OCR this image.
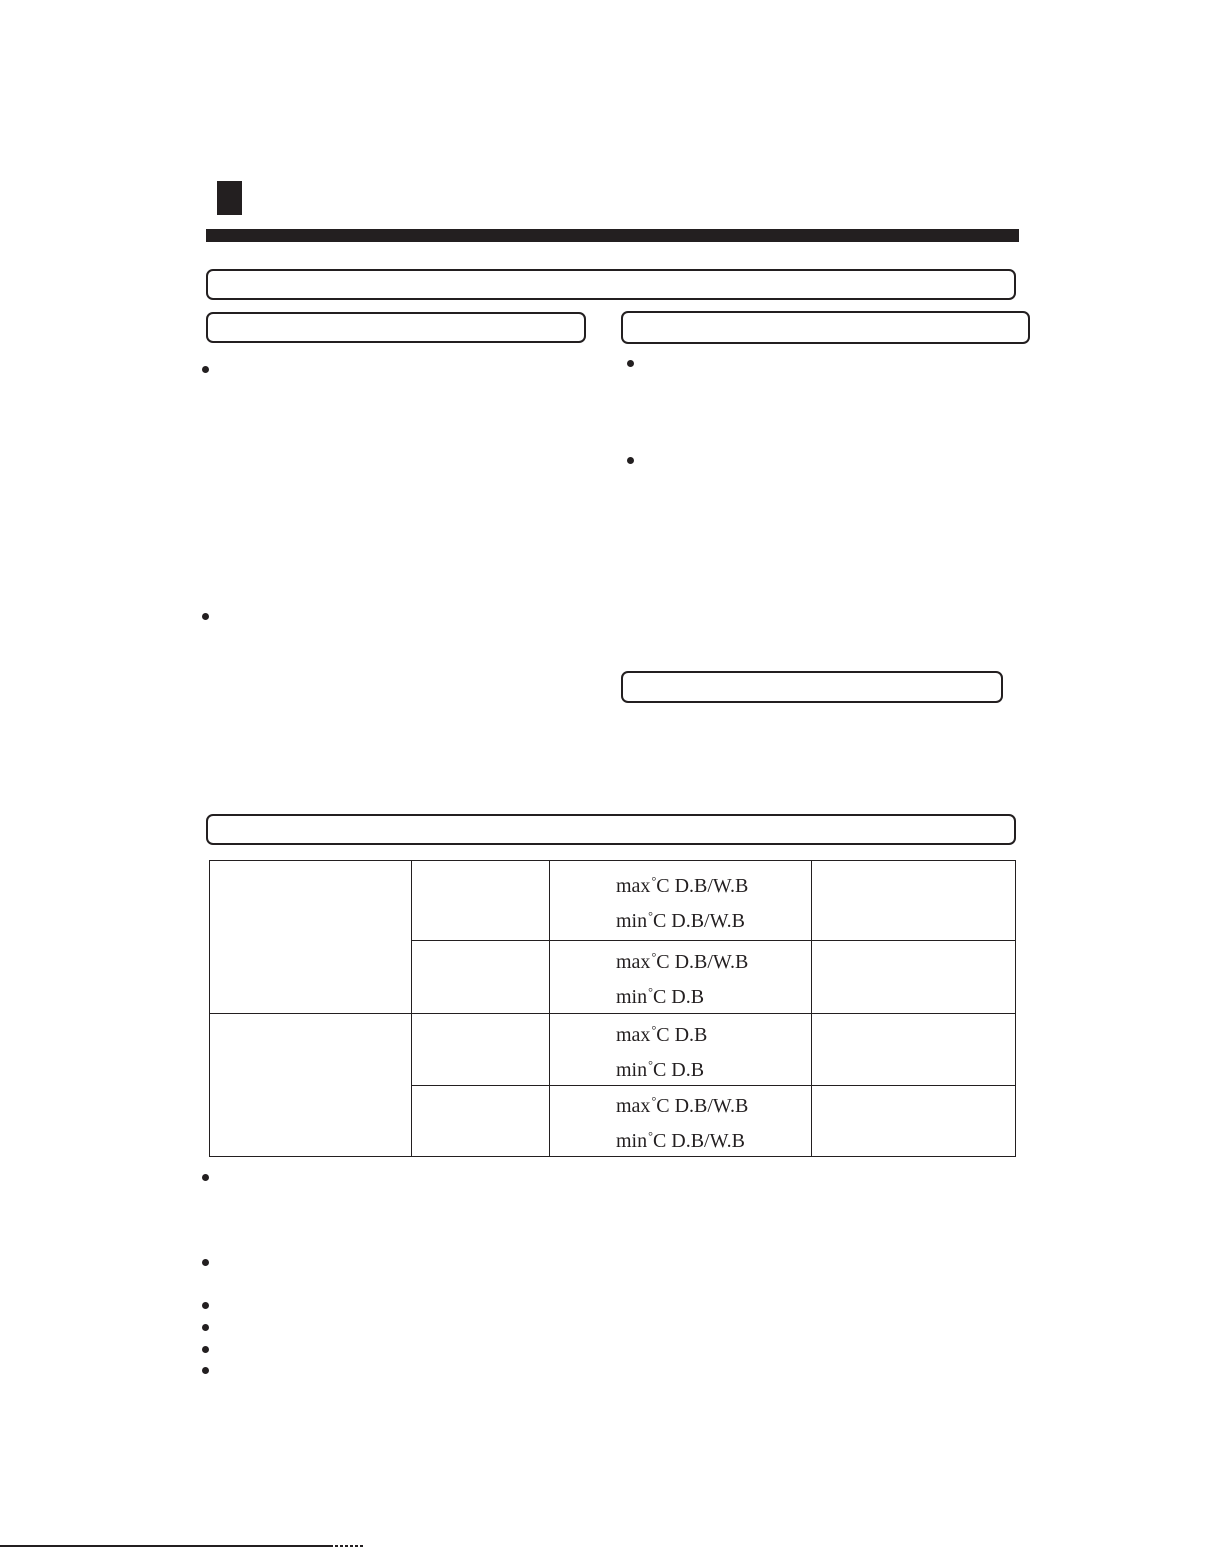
		max°C D.B/W.B
min°C D.B/W.B	

		max°C D.B/W.B
min°C D.B	

		max°C D.B
min°C D.B	

		max°C D.B/W.B
min°C D.B/W.B	
